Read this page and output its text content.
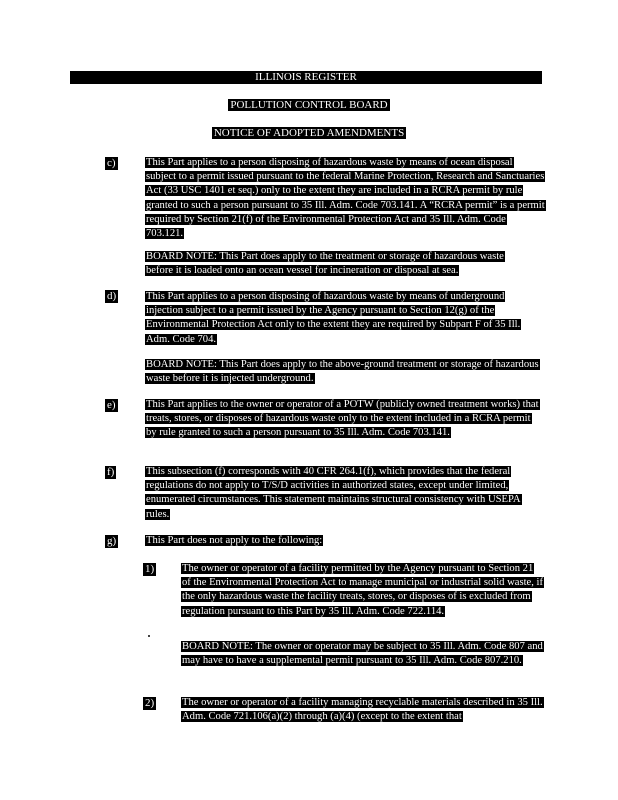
ILLINOIS REGISTER
POLLUTION CONTROL BOARD
NOTICE OF ADOPTED AMENDMENTS
c)	This Part applies to a person disposing of hazardous waste by means of ocean disposal subject to a permit issued pursuant to the federal Marine Protection, Research and Sanctuaries Act (33 USC 1401 et seq.) only to the extent they are included in a RCRA permit by rule granted to such a person pursuant to 35 Ill. Adm. Code 703.141. A “RCRA permit” is a permit required by Section 21(f) of the Environmental Protection Act and 35 Ill. Adm. Code 703.121.
BOARD NOTE: This Part does apply to the treatment or storage of hazardous waste before it is loaded onto an ocean vessel for incineration or disposal at sea.
d)	This Part applies to a person disposing of hazardous waste by means of underground injection subject to a permit issued by the Agency pursuant to Section 12(g) of the Environmental Protection Act only to the extent they are required by Subpart F of 35 Ill. Adm. Code 704.
BOARD NOTE: This Part does apply to the above-ground treatment or storage of hazardous waste before it is injected underground.
e)	This Part applies to the owner or operator of a POTW (publicly owned treatment works) that treats, stores, or disposes of hazardous waste only to the extent included in a RCRA permit by rule granted to such a person pursuant to 35 Ill. Adm. Code 703.141.
f)	This subsection (f) corresponds with 40 CFR 264.1(f), which provides that the federal regulations do not apply to T/S/D activities in authorized states, except under limited, enumerated circumstances. This statement maintains structural consistency with USEPA rules.
g)	This Part does not apply to the following:
1)	The owner or operator of a facility permitted by the Agency pursuant to Section 21 of the Environmental Protection Act to manage municipal or industrial solid waste, if the only hazardous waste the facility treats, stores, or disposes of is excluded from regulation pursuant to this Part by 35 Ill. Adm. Code 722.114.
BOARD NOTE: The owner or operator may be subject to 35 Ill. Adm. Code 807 and may have to have a supplemental permit pursuant to 35 Ill. Adm. Code 807.210.
2)	The owner or operator of a facility managing recyclable materials described in 35 Ill. Adm. Code 721.106(a)(2) through (a)(4) (except to the extent that
